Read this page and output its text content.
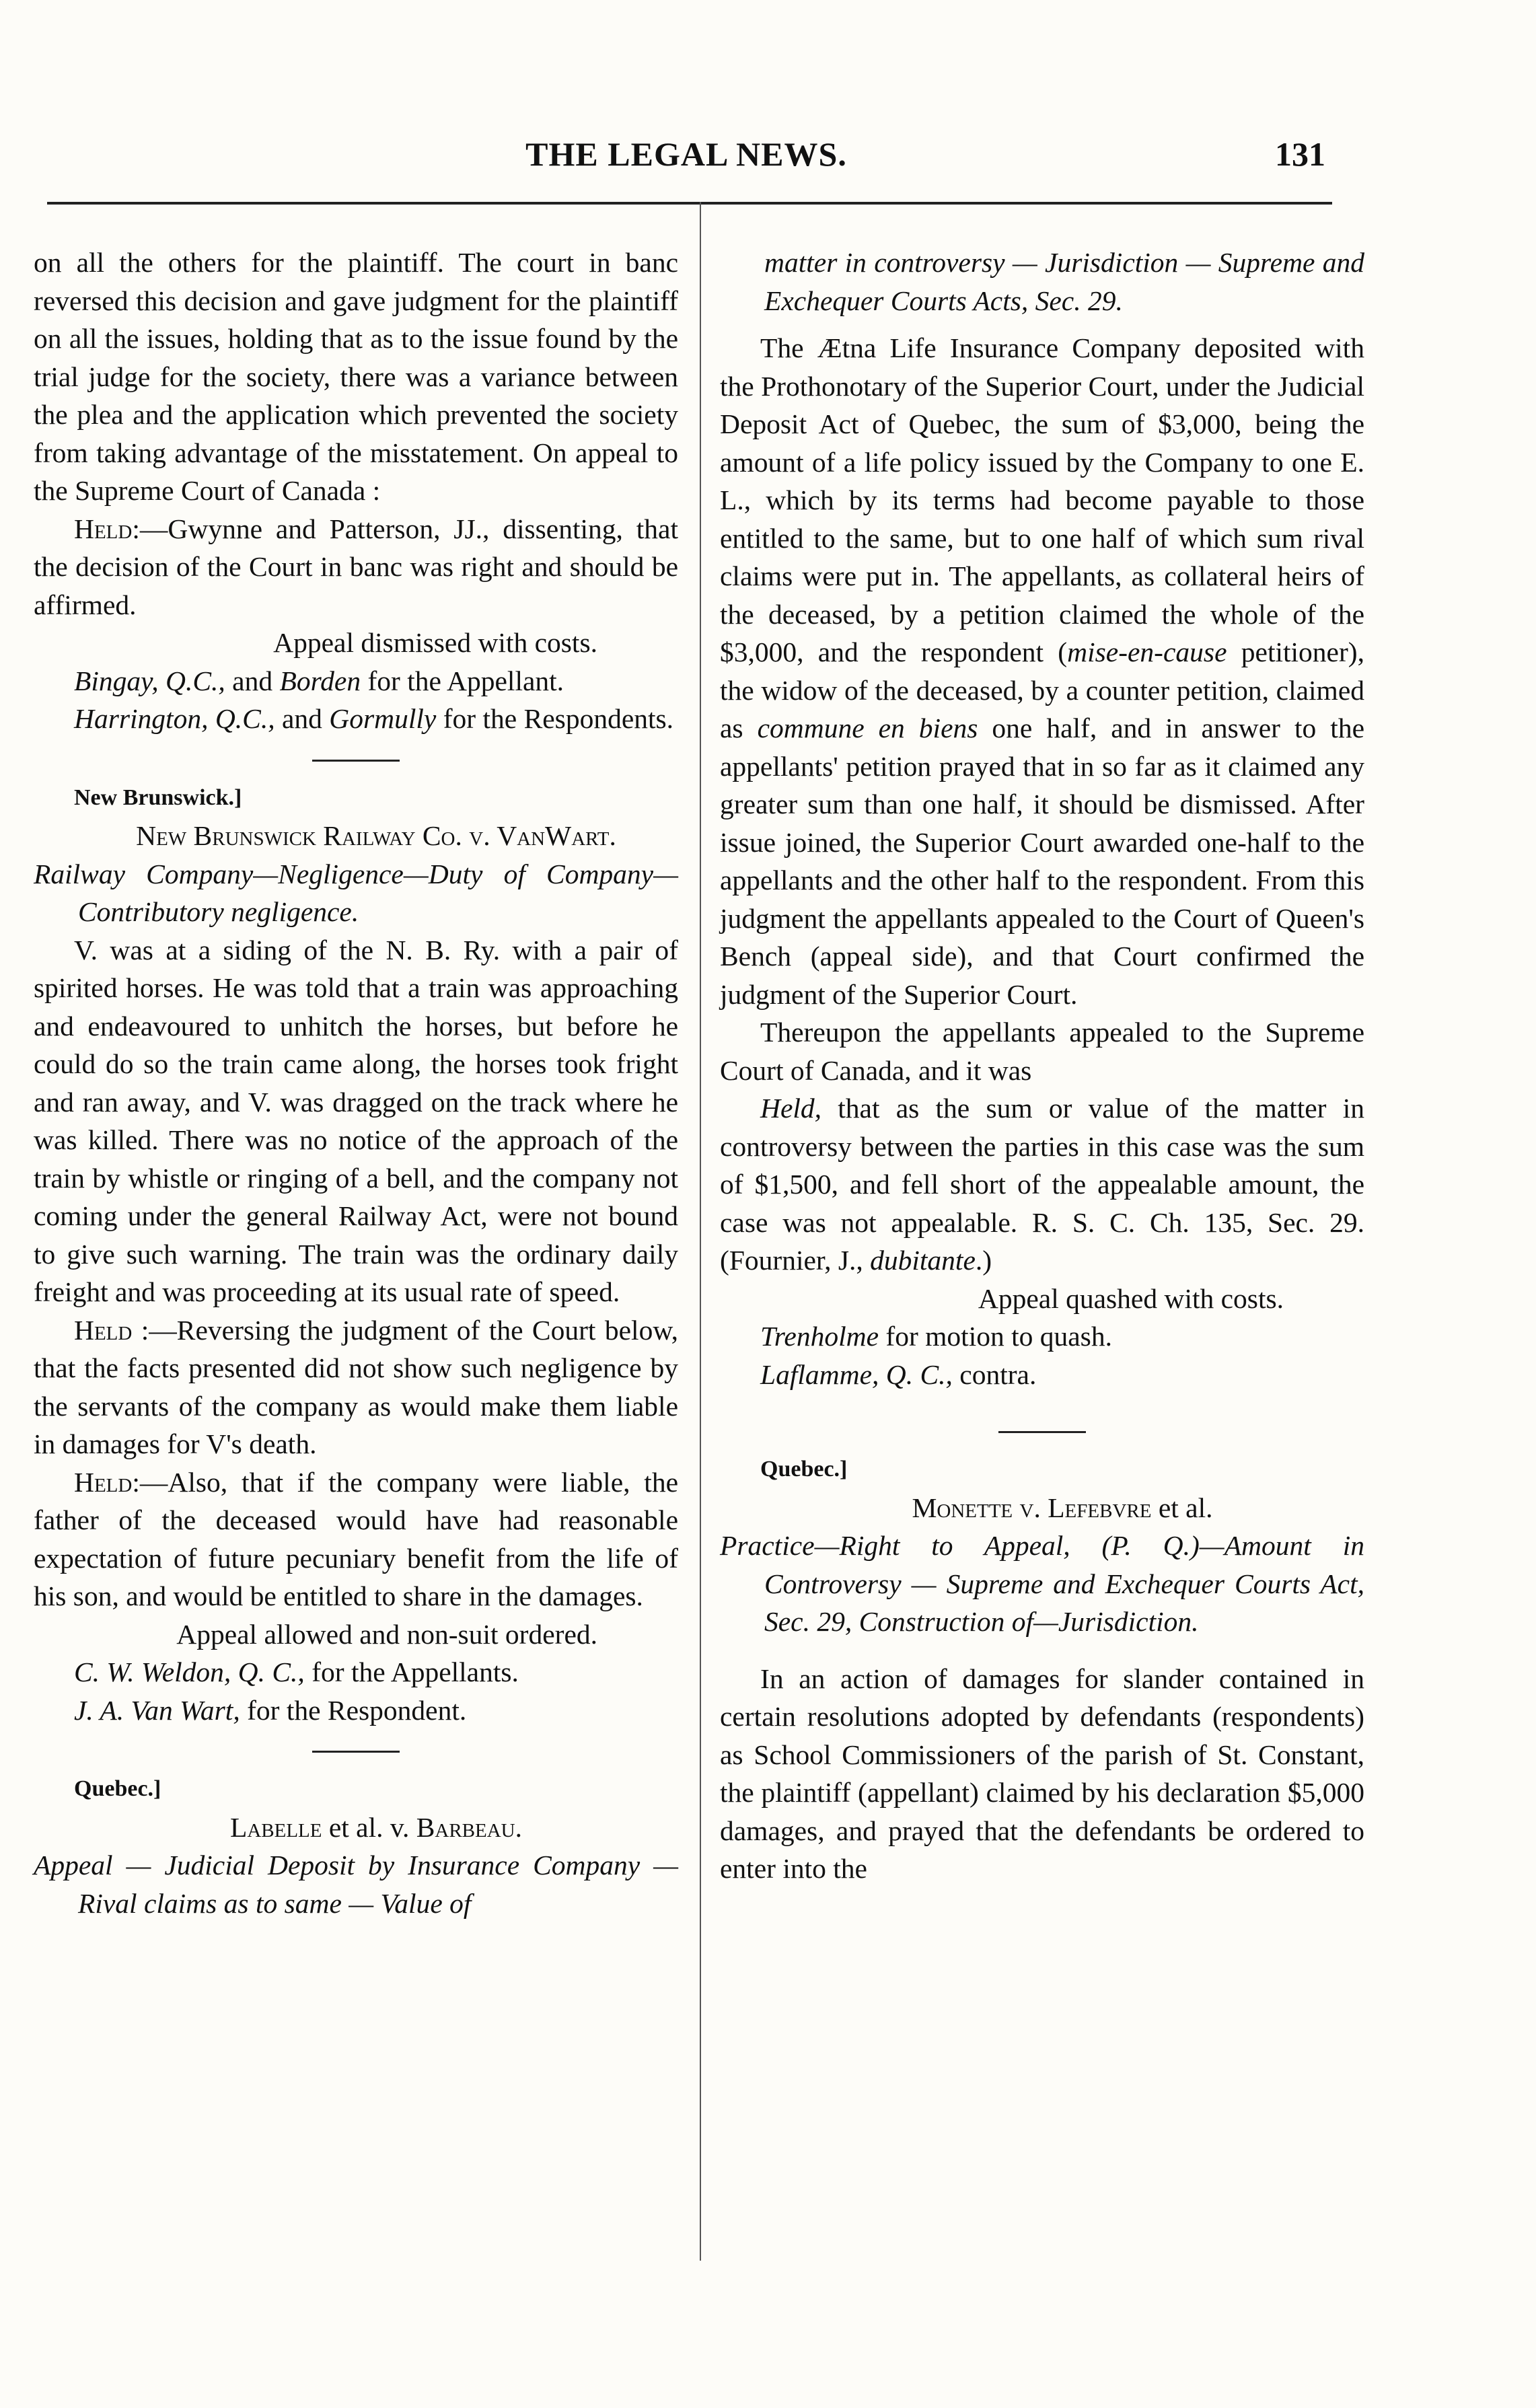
THE LEGAL NEWS.	131

on all the others for the plaintiff. The court in banc reversed this decision and gave judgment for the plaintiff on all the issues, holding that as to the issue found by the trial judge for the society, there was a variance between the plea and the application which prevented the society from taking advantage of the misstatement. On appeal to the Supreme Court of Canada :

Held:—Gwynne and Patterson, JJ., dissenting, that the decision of the Court in banc was right and should be affirmed.

Appeal dismissed with costs.

Bingay, Q.C., and Borden for the Appellant.

Harrington, Q.C., and Gormully for the Respondents.

New Brunswick.]

New Brunswick Railway Co. v. VanWart.

Railway Company—Negligence—Duty of Company—Contributory negligence.

V. was at a siding of the N. B. Ry. with a pair of spirited horses. He was told that a train was approaching and endeavoured to unhitch the horses, but before he could do so the train came along, the horses took fright and ran away, and V. was dragged on the track where he was killed. There was no notice of the approach of the train by whistle or ringing of a bell, and the company not coming under the general Railway Act, were not bound to give such warning. The train was the ordinary daily freight and was proceeding at its usual rate of speed.

Held :—Reversing the judgment of the Court below, that the facts presented did not show such negligence by the servants of the company as would make them liable in damages for V's death.

Held:—Also, that if the company were liable, the father of the deceased would have had reasonable expectation of future pecuniary benefit from the life of his son, and would be entitled to share in the damages.

Appeal allowed and non-suit ordered.

C. W. Weldon, Q. C., for the Appellants.

J. A. Van Wart, for the Respondent.

Quebec.]

Labelle et al. v. Barbeau.

Appeal — Judicial Deposit by Insurance Company — Rival claims as to same — Value of

matter in controversy — Jurisdiction — Supreme and Exchequer Courts Acts, Sec. 29.

The Ætna Life Insurance Company deposited with the Prothonotary of the Superior Court, under the Judicial Deposit Act of Quebec, the sum of $3,000, being the amount of a life policy issued by the Company to one E. L., which by its terms had become payable to those entitled to the same, but to one half of which sum rival claims were put in. The appellants, as collateral heirs of the deceased, by a petition claimed the whole of the $3,000, and the respondent (mise-en-cause petitioner), the widow of the deceased, by a counter petition, claimed as commune en biens one half, and in answer to the appellants' petition prayed that in so far as it claimed any greater sum than one half, it should be dismissed. After issue joined, the Superior Court awarded one-half to the appellants and the other half to the respondent. From this judgment the appellants appealed to the Court of Queen's Bench (appeal side), and that Court confirmed the judgment of the Superior Court.

Thereupon the appellants appealed to the Supreme Court of Canada, and it was

Held, that as the sum or value of the matter in controversy between the parties in this case was the sum of $1,500, and fell short of the appealable amount, the case was not appealable. R. S. C. Ch. 135, Sec. 29. (Fournier, J., dubitante.)

Appeal quashed with costs.

Trenholme for motion to quash.

Laflamme, Q. C., contra.

Quebec.]

Monette v. Lefebvre et al.

Practice—Right to Appeal, (P. Q.)—Amount in Controversy — Supreme and Exchequer Courts Act, Sec. 29, Construction of—Jurisdiction.

In an action of damages for slander contained in certain resolutions adopted by defendants (respondents) as School Commissioners of the parish of St. Constant, the plaintiff (appellant) claimed by his declaration $5,000 damages, and prayed that the defendants be ordered to enter into the
